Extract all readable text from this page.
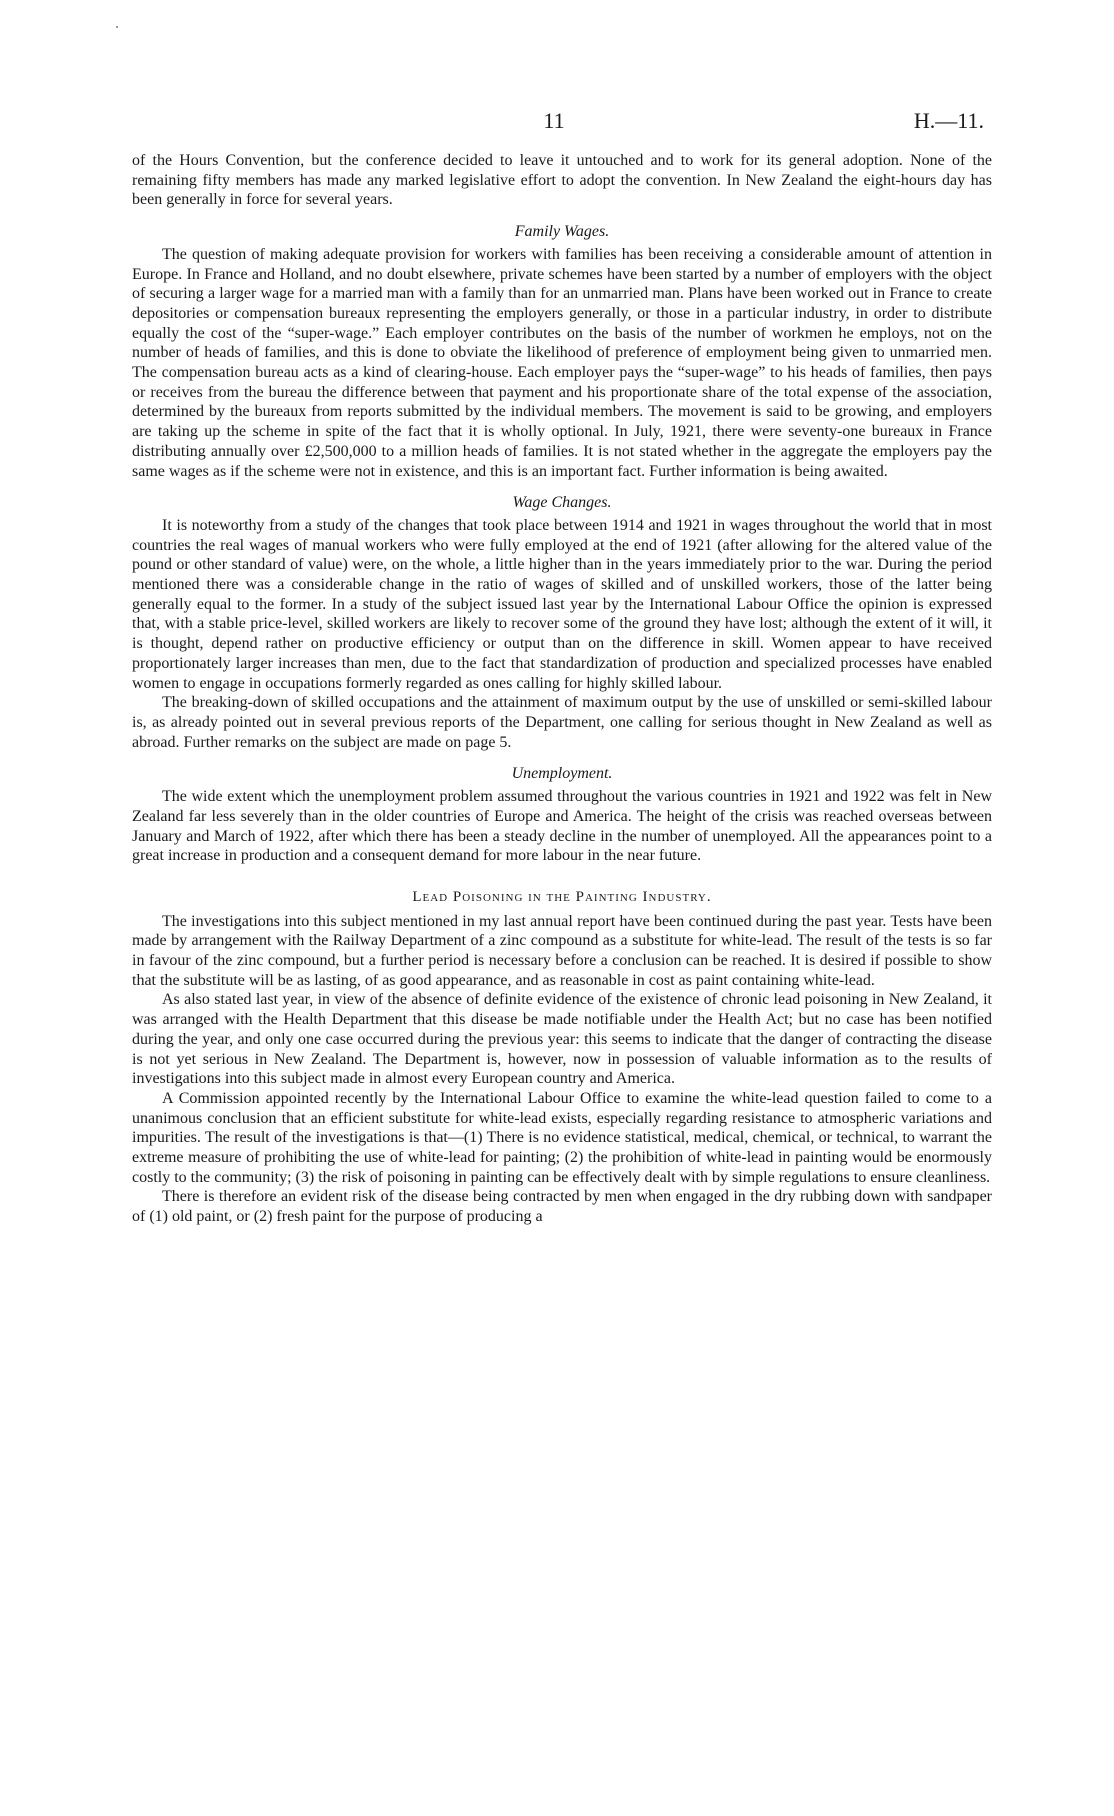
11	H.—11.

of the Hours Convention, but the conference decided to leave it untouched and to work for its general adoption. None of the remaining fifty members has made any marked legislative effort to adopt the convention. In New Zealand the eight-hours day has been generally in force for several years.

Family Wages.

The question of making adequate provision for workers with families has been receiving a considerable amount of attention in Europe. In France and Holland, and no doubt elsewhere, private schemes have been started by a number of employers with the object of securing a larger wage for a married man with a family than for an unmarried man. Plans have been worked out in France to create depositories or compensation bureaux representing the employers generally, or those in a particular industry, in order to distribute equally the cost of the “super-wage.” Each employer contributes on the basis of the number of workmen he employs, not on the number of heads of families, and this is done to obviate the likelihood of preference of employment being given to unmarried men. The compensation bureau acts as a kind of clearing-house. Each employer pays the “super-wage” to his heads of families, then pays or receives from the bureau the difference between that payment and his proportionate share of the total expense of the association, determined by the bureaux from reports submitted by the individual members. The movement is said to be growing, and employers are taking up the scheme in spite of the fact that it is wholly optional. In July, 1921, there were seventy-one bureaux in France distributing annually over £2,500,000 to a million heads of families. It is not stated whether in the aggregate the employers pay the same wages as if the scheme were not in existence, and this is an important fact. Further information is being awaited.

Wage Changes.

It is noteworthy from a study of the changes that took place between 1914 and 1921 in wages throughout the world that in most countries the real wages of manual workers who were fully employed at the end of 1921 (after allowing for the altered value of the pound or other standard of value) were, on the whole, a little higher than in the years immediately prior to the war. During the period mentioned there was a considerable change in the ratio of wages of skilled and of unskilled workers, those of the latter being generally equal to the former. In a study of the subject issued last year by the International Labour Office the opinion is expressed that, with a stable price-level, skilled workers are likely to recover some of the ground they have lost; although the extent of it will, it is thought, depend rather on productive efficiency or output than on the difference in skill. Women appear to have received proportionately larger increases than men, due to the fact that standardization of production and specialized processes have enabled women to engage in occupations formerly regarded as ones calling for highly skilled labour.

The breaking-down of skilled occupations and the attainment of maximum output by the use of unskilled or semi-skilled labour is, as already pointed out in several previous reports of the Department, one calling for serious thought in New Zealand as well as abroad. Further remarks on the subject are made on page 5.

Unemployment.

The wide extent which the unemployment problem assumed throughout the various countries in 1921 and 1922 was felt in New Zealand far less severely than in the older countries of Europe and America. The height of the crisis was reached overseas between January and March of 1922, after which there has been a steady decline in the number of unemployed. All the appearances point to a great increase in production and a consequent demand for more labour in the near future.

Lead Poisoning in the Painting Industry.

The investigations into this subject mentioned in my last annual report have been continued during the past year. Tests have been made by arrangement with the Railway Department of a zinc compound as a substitute for white-lead. The result of the tests is so far in favour of the zinc compound, but a further period is necessary before a conclusion can be reached. It is desired if possible to show that the substitute will be as lasting, of as good appearance, and as reasonable in cost as paint containing white-lead.

As also stated last year, in view of the absence of definite evidence of the existence of chronic lead poisoning in New Zealand, it was arranged with the Health Department that this disease be made notifiable under the Health Act; but no case has been notified during the year, and only one case occurred during the previous year: this seems to indicate that the danger of contracting the disease is not yet serious in New Zealand. The Department is, however, now in possession of valuable information as to the results of investigations into this subject made in almost every European country and America.

A Commission appointed recently by the International Labour Office to examine the white-lead question failed to come to a unanimous conclusion that an efficient substitute for white-lead exists, especially regarding resistance to atmospheric variations and impurities. The result of the investigations is that—(1) There is no evidence statistical, medical, chemical, or technical, to warrant the extreme measure of prohibiting the use of white-lead for painting; (2) the prohibition of white-lead in painting would be enormously costly to the community; (3) the risk of poisoning in painting can be effectively dealt with by simple regulations to ensure cleanliness.

There is therefore an evident risk of the disease being contracted by men when engaged in the dry rubbing down with sandpaper of (1) old paint, or (2) fresh paint for the purpose of producing a
